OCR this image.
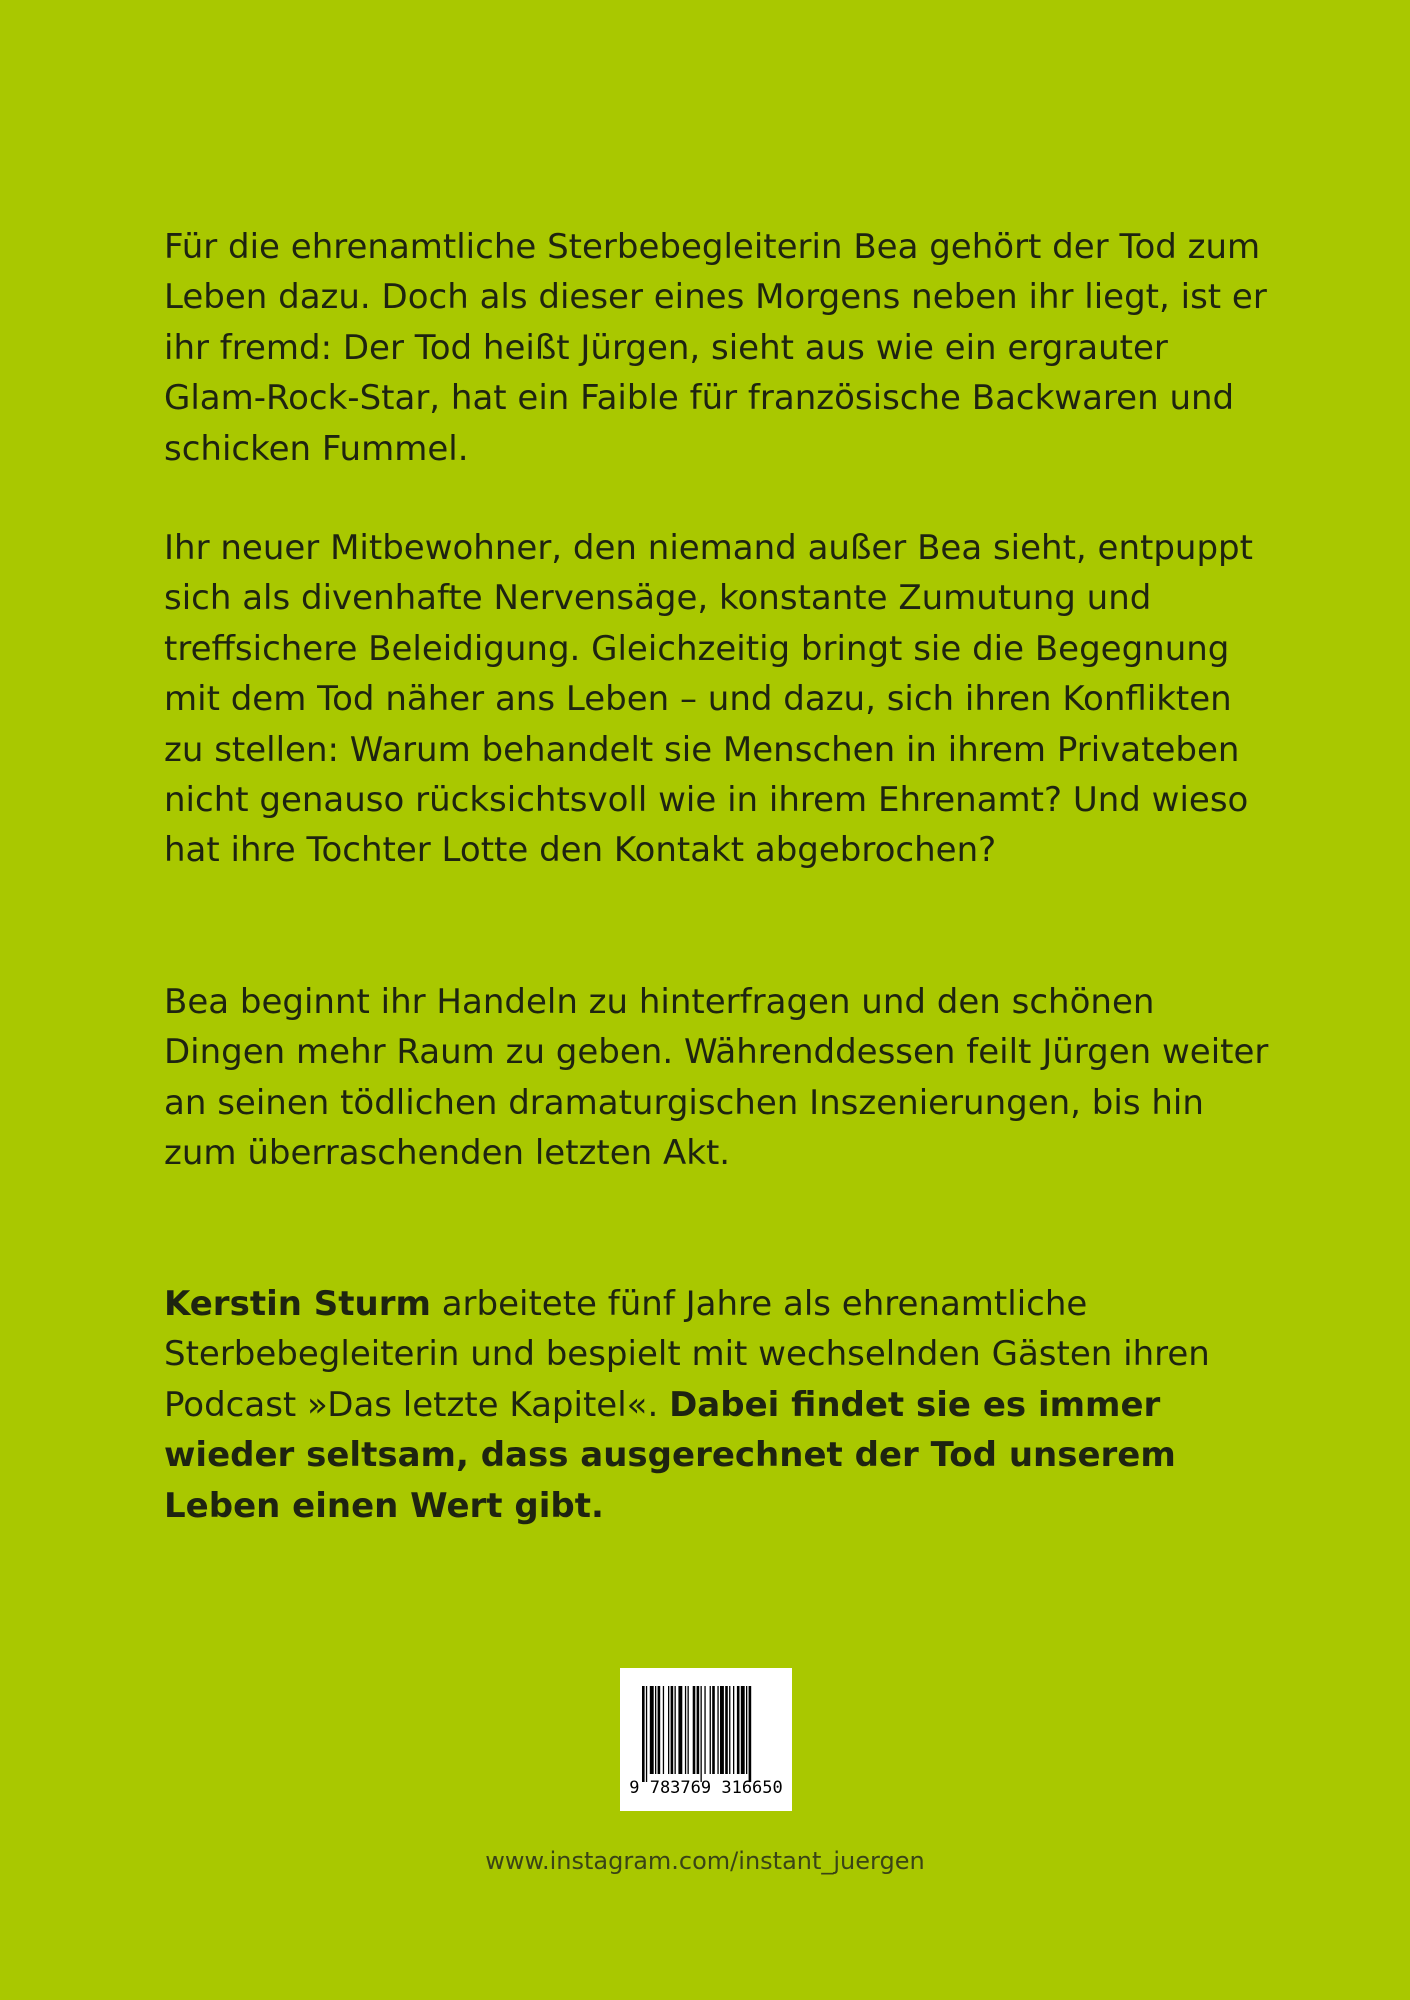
Für die ehrenamtliche Sterbebegleiterin Bea gehört der Tod zum Leben dazu. Doch als dieser eines Morgens neben ihr liegt, ist er ihr fremd: Der Tod heißt Jürgen, sieht aus wie ein ergrauter Glam-Rock-Star, hat ein Faible für französische Backwaren und schicken Fummel.

Ihr neuer Mitbewohner, den niemand außer Bea sieht, entpuppt sich als divenhafte Nervensäge, konstante Zumutung und treffsichere Beleidigung. Gleichzeitig bringt sie die Begegnung mit dem Tod näher ans Leben – und dazu, sich ihren Konflikten zu stellen: Warum behandelt sie Menschen in ihrem Privateben nicht genauso rücksichtsvoll wie in ihrem Ehrenamt? Und wieso hat ihre Tochter Lotte den Kontakt abgebrochen?

Bea beginnt ihr Handeln zu hinterfragen und den schönen Dingen mehr Raum zu geben. Währenddessen feilt Jürgen weiter an seinen tödlichen dramaturgischen Inszenierungen, bis hin zum überraschenden letzten Akt.

Kerstin Sturm arbeitete fünf Jahre als ehrenamtliche Sterbebegleiterin und bespielt mit wechselnden Gästen ihren Podcast »Das letzte Kapitel«. Dabei findet sie es immer wieder seltsam, dass ausgerechnet der Tod unserem Leben einen Wert gibt.

9 783769 316650
www.instagram.com/instant_juergen
